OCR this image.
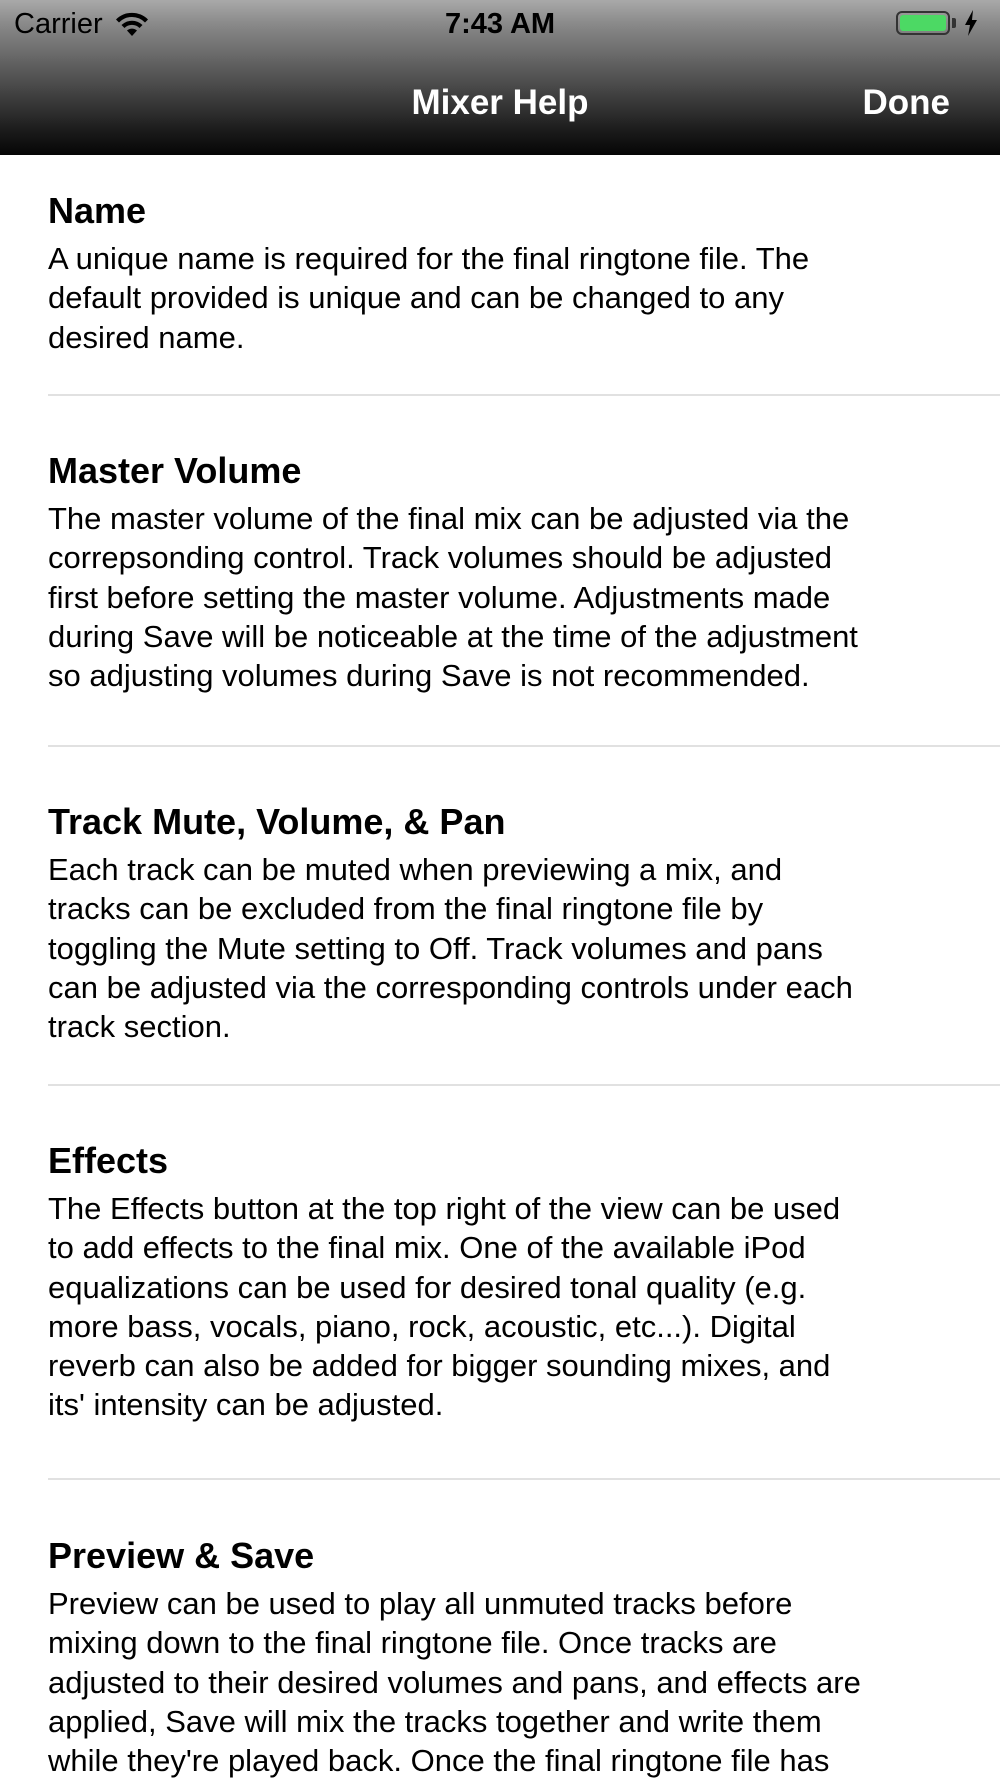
Carrier	7:43 AM
Mixer Help	Done
Name

A unique name is required for the final ringtone file. The
default provided is unique and can be changed to any
desired name.

Master Volume

The master volume of the final mix can be adjusted via the
correpsonding control. Track volumes should be adjusted
first before setting the master volume. Adjustments made
during Save will be noticeable at the time of the adjustment
so adjusting volumes during Save is not recommended.

Track Mute, Volume, & Pan

Each track can be muted when previewing a mix, and
tracks can be excluded from the final ringtone file by
toggling the Mute setting to Off. Track volumes and pans
can be adjusted via the corresponding controls under each
track section.

Effects

The Effects button at the top right of the view can be used
to add effects to the final mix. One of the available iPod
equalizations can be used for desired tonal quality (e.g.
more bass, vocals, piano, rock, acoustic, etc...). Digital
reverb can also be added for bigger sounding mixes, and
its' intensity can be adjusted.

Preview & Save

Preview can be used to play all unmuted tracks before
mixing down to the final ringtone file. Once tracks are
adjusted to their desired volumes and pans, and effects are
applied, Save will mix the tracks together and write them
while they're played back. Once the final ringtone file has
